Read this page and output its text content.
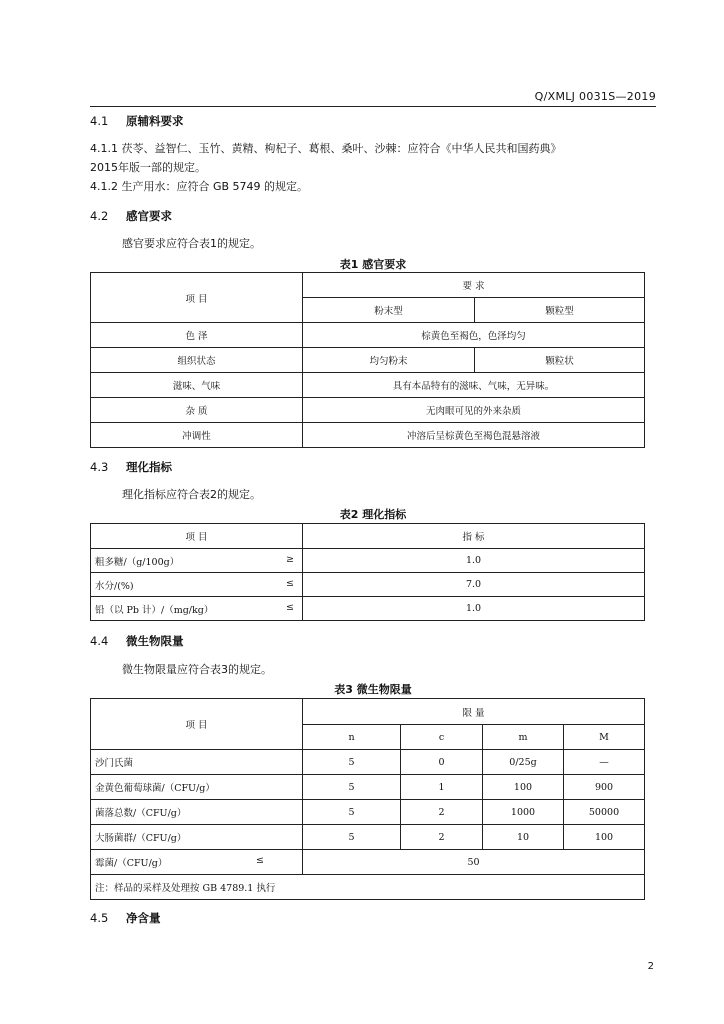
Q/XMLJ 0031S—2019
4.1 原辅料要求
4.1.1 茯苓、益智仁、玉竹、黄精、枸杞子、葛根、桑叶、沙棘：应符合《中华人民共和国药典》
2015年版一部的规定。
4.1.2 生产用水：应符合 GB 5749 的规定。
4.2 感官要求
感官要求应符合表1的规定。
表1 感官要求
项 目	要 求	
	粉末型	颗粒型
色 泽	棕黄色至褐色，色泽均匀	
组织状态	均匀粉末	颗粒状
滋味、气味	具有本品特有的滋味、气味，无异味。	
杂 质	无肉眼可见的外来杂质	
冲调性	冲溶后呈棕黄色至褐色混悬溶液	
4.3 理化指标
理化指标应符合表2的规定。
表2 理化指标
项 目	指 标

粗多糖/（g/100g） ≥	1.0

水分/(%) ≤	7.0

铅（以 Pb 计）/（mg/kg） ≤	1.0
4.4 微生物限量
微生物限量应符合表3的规定。
表3 微生物限量
项 目	限 量			
	n	c	m	M
沙门氏菌	5	0	0/25g	—
金黄色葡萄球菌/（CFU/g）	5	1	100	900
菌落总数/（CFU/g）	5	2	1000	50000
大肠菌群/（CFU/g）	5	2	10	100

霉菌/（CFU/g） ≤	50			
注：样品的采样及处理按 GB 4789.1 执行				
4.5 净含量
2
